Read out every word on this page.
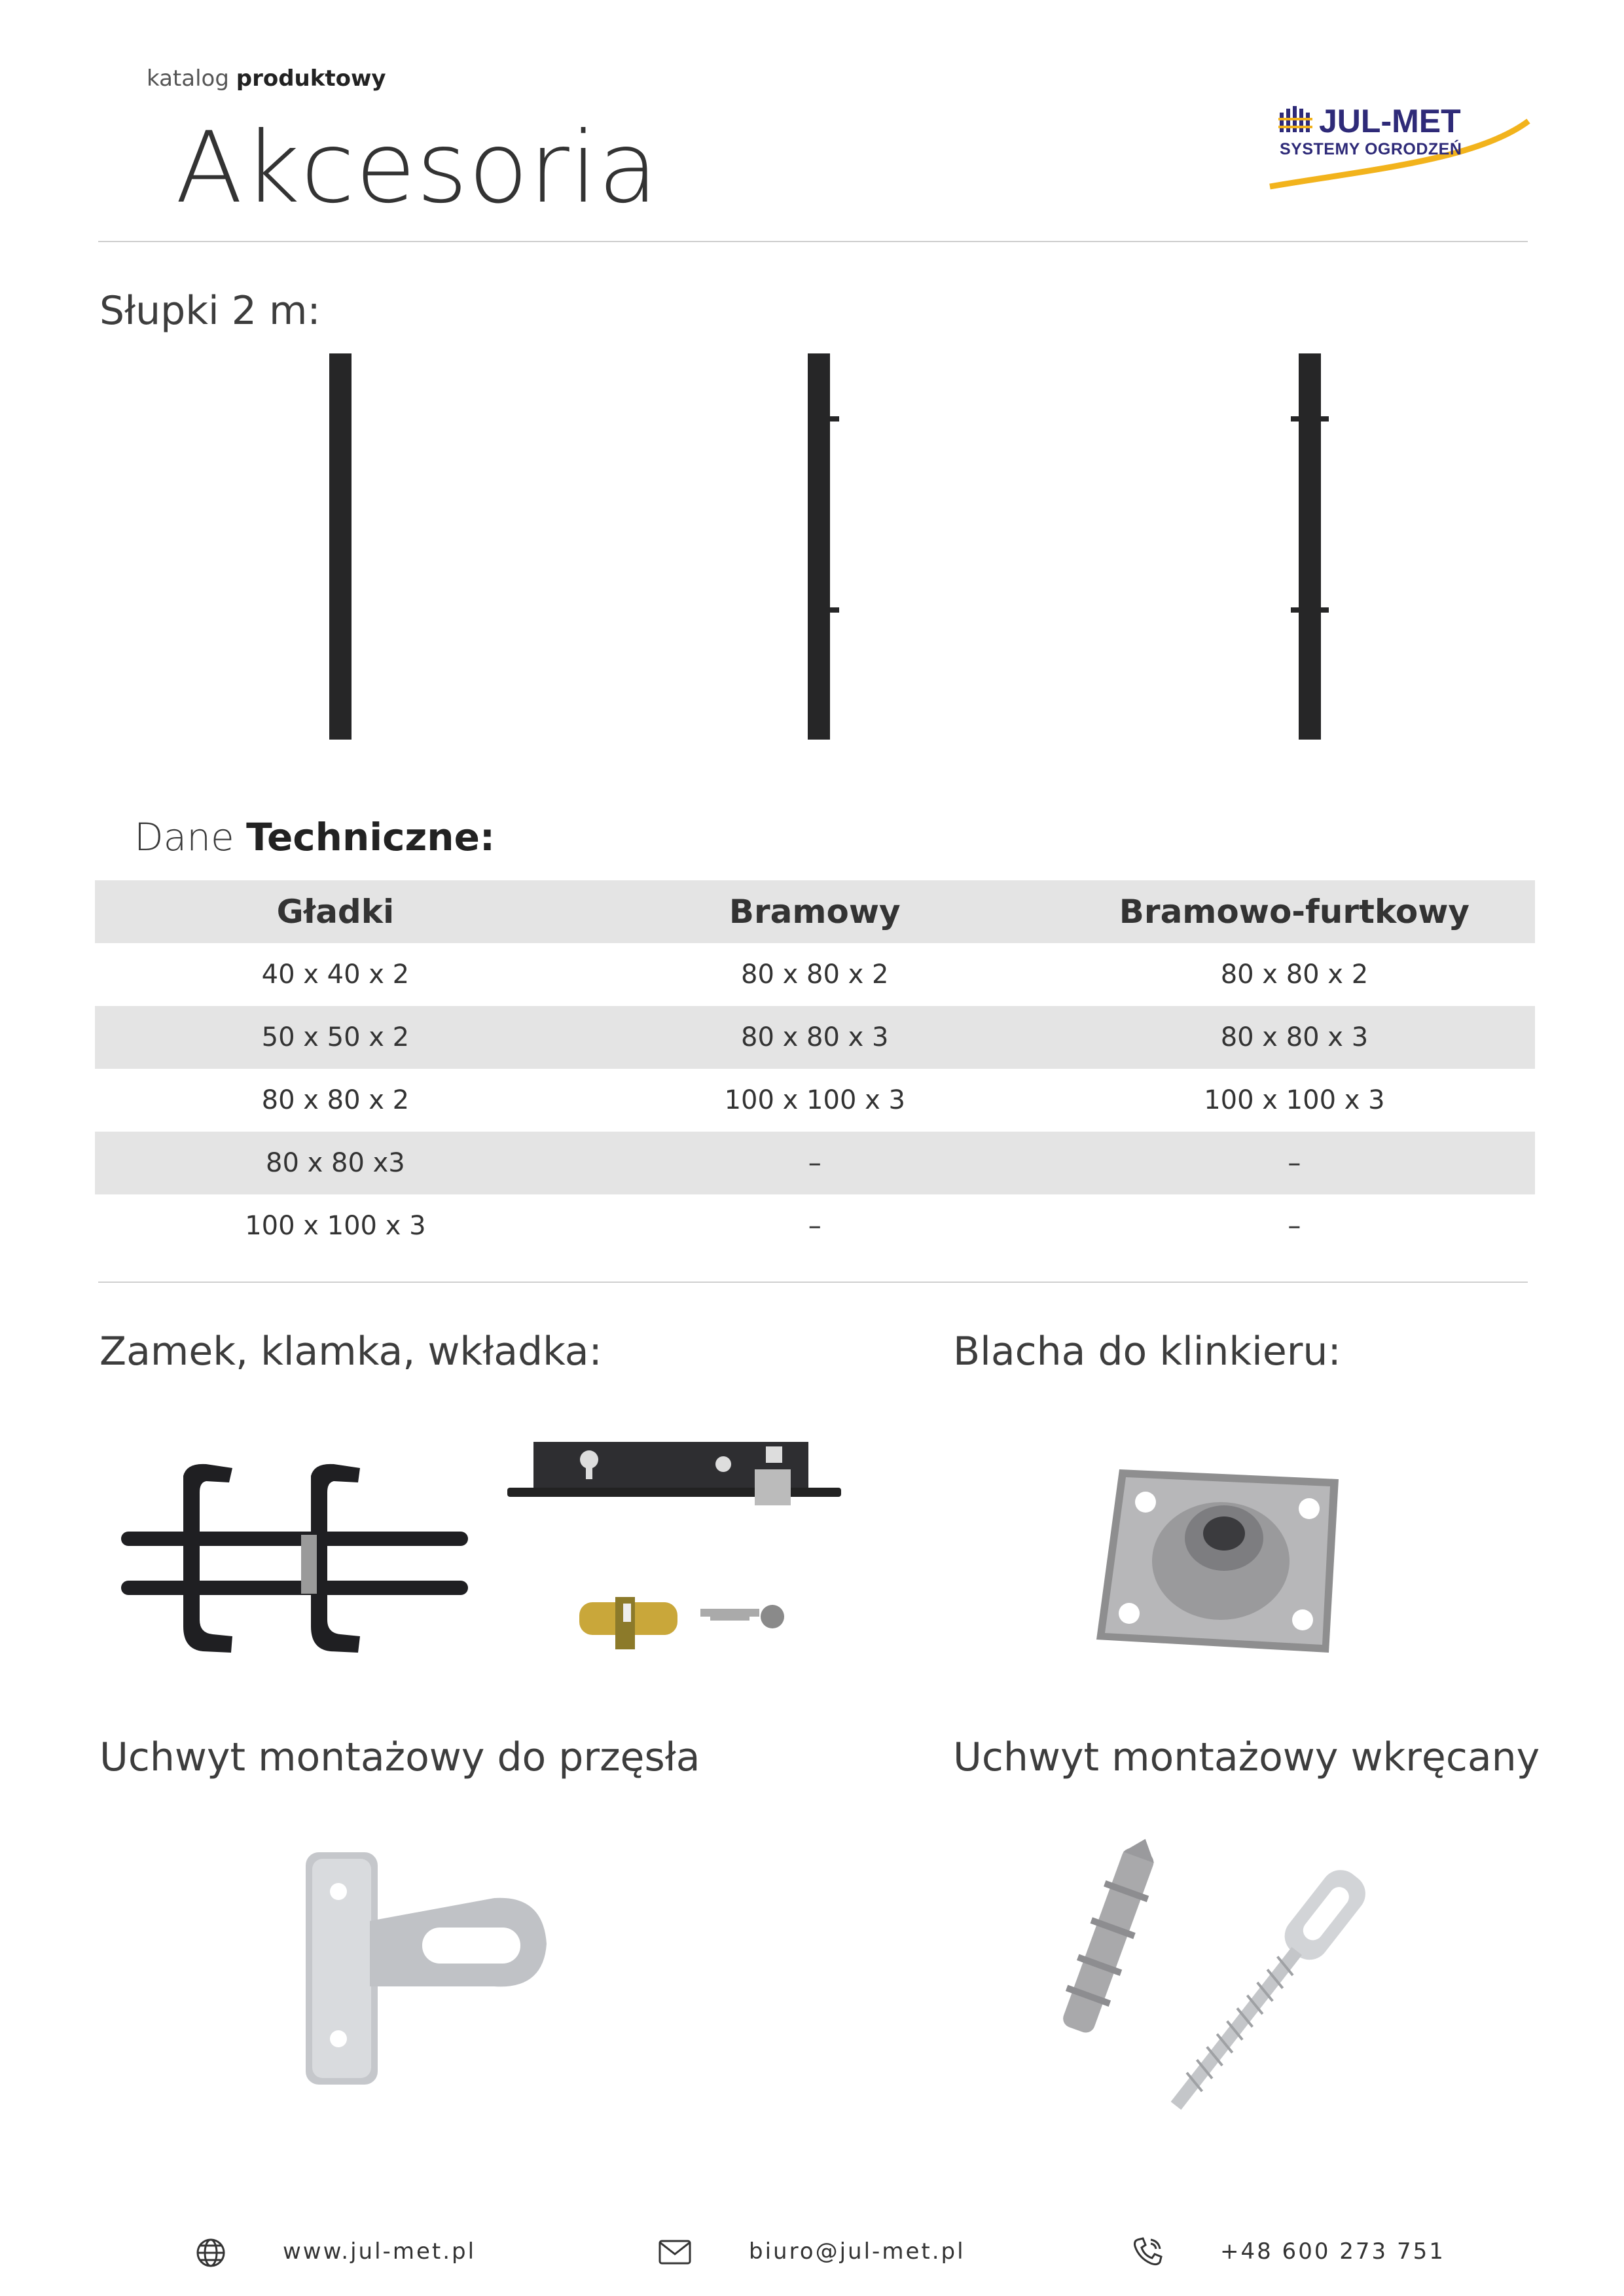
katalog produktowy
Akcesoria	JUL-MET
SYSTEMY OGRODZEŃ
Słupki 2 m:
Dane Techniczne:
Gładki	Bramowy	Bramowo-furtkowy
40 x 40 x 2	80 x 80 x 2	80 x 80 x 2
50 x 50 x 2	80 x 80 x 3	80 x 80 x 3
80 x 80 x 2	100 x 100 x 3	100 x 100 x 3
80 x 80 x3	–	–
100 x 100 x 3	–	–
Zamek, klamka, wkładka:	Blacha do klinkieru:
Uchwyt montażowy do przęsła	Uchwyt montażowy wkręcany
www.jul-met.pl	biuro@jul-met.pl	+48 600 273 751
